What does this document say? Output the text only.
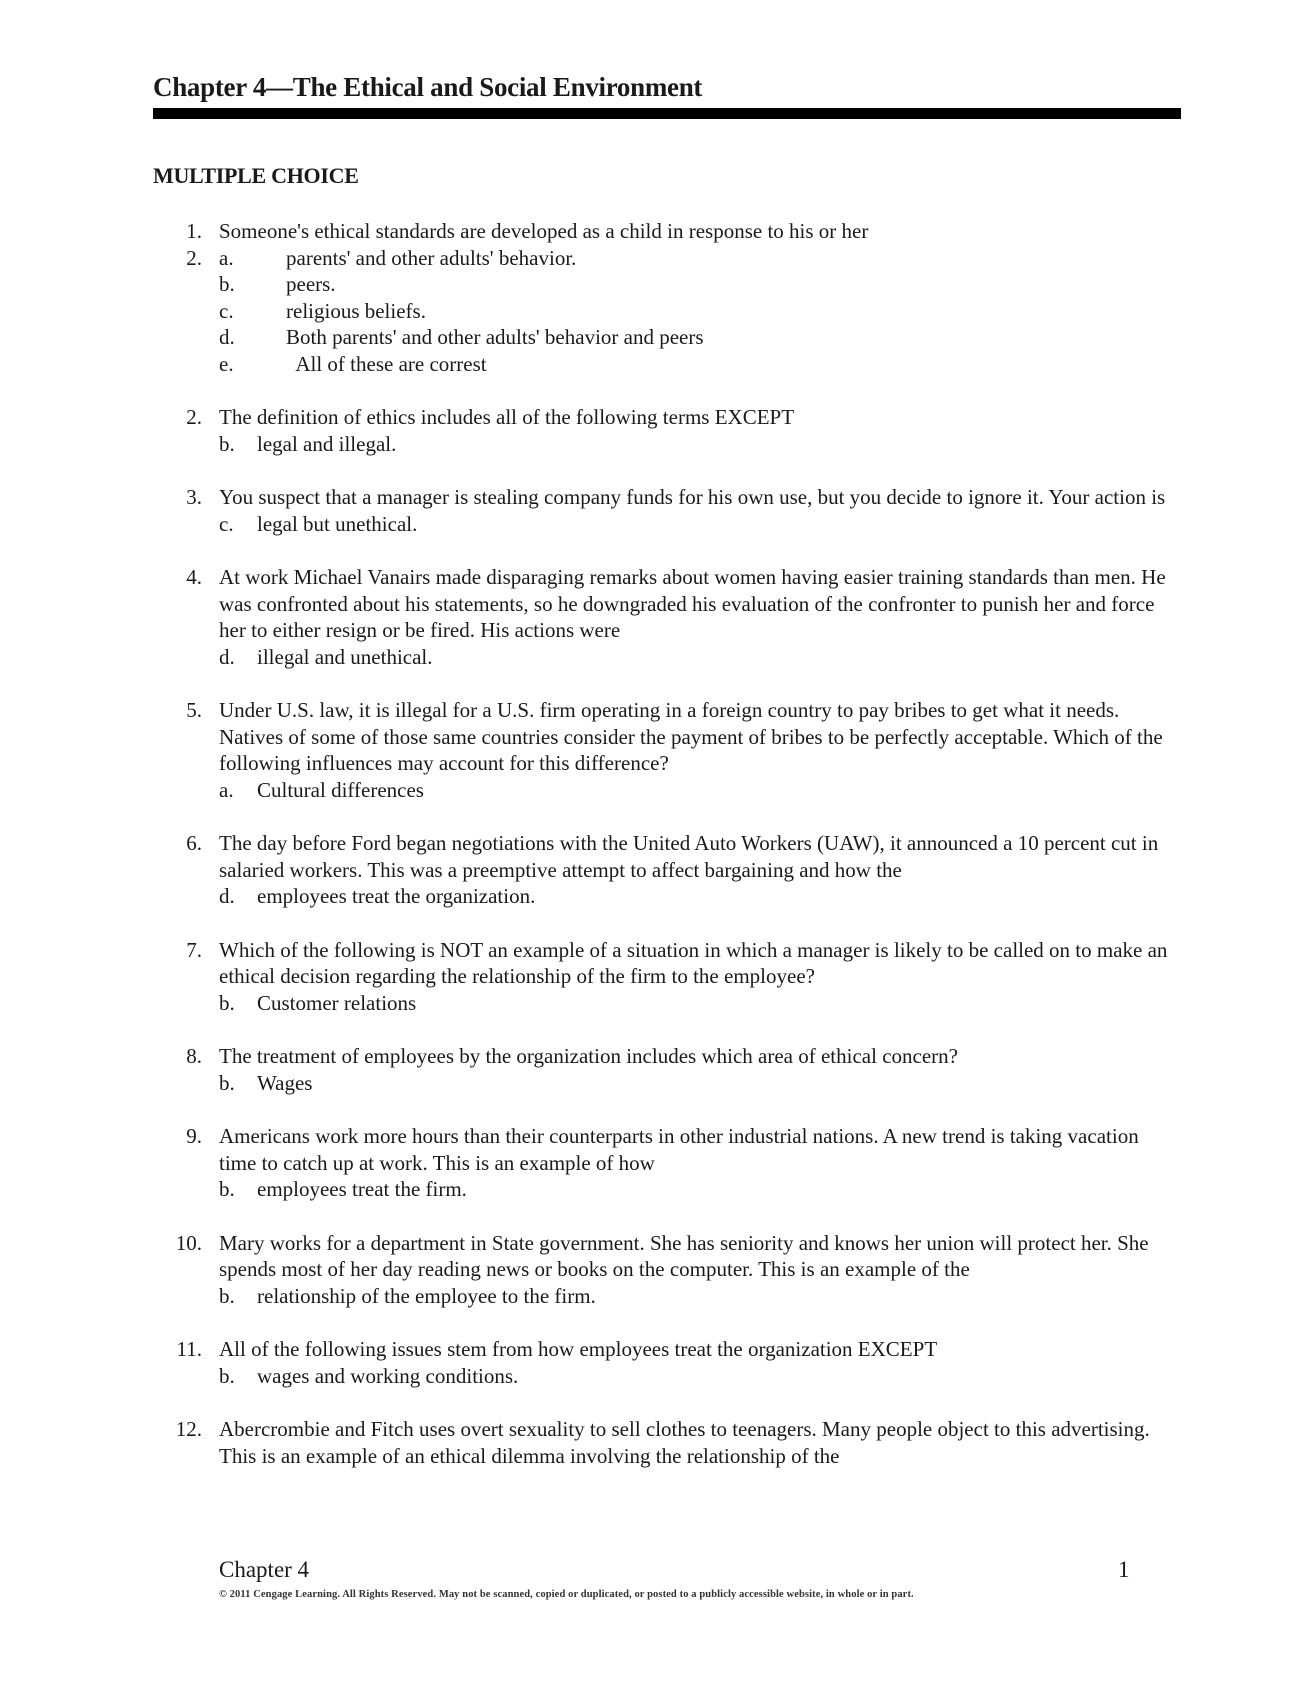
Chapter 4—The Ethical and Social Environment
MULTIPLE CHOICE
1. Someone's ethical standards are developed as a child in response to his or her
2. a. parents' and other adults' behavior.
b. peers.
c. religious beliefs.
d. Both parents' and other adults' behavior and peers
e. All of these are correst
2. The definition of ethics includes all of the following terms EXCEPT
b. legal and illegal.
3. You suspect that a manager is stealing company funds for his own use, but you decide to ignore it. Your action is
c. legal but unethical.
4. At work Michael Vanairs made disparaging remarks about women having easier training standards than men. He was confronted about his statements, so he downgraded his evaluation of the confronter to punish her and force her to either resign or be fired. His actions were
d. illegal and unethical.
5. Under U.S. law, it is illegal for a U.S. firm operating in a foreign country to pay bribes to get what it needs. Natives of some of those same countries consider the payment of bribes to be perfectly acceptable. Which of the following influences may account for this difference?
a. Cultural differences
6. The day before Ford began negotiations with the United Auto Workers (UAW), it announced a 10 percent cut in salaried workers. This was a preemptive attempt to affect bargaining and how the
d. employees treat the organization.
7. Which of the following is NOT an example of a situation in which a manager is likely to be called on to make an ethical decision regarding the relationship of the firm to the employee?
b. Customer relations
8. The treatment of employees by the organization includes which area of ethical concern?
b. Wages
9. Americans work more hours than their counterparts in other industrial nations. A new trend is taking vacation time to catch up at work. This is an example of how
b. employees treat the firm.
10. Mary works for a department in State government. She has seniority and knows her union will protect her. She spends most of her day reading news or books on the computer. This is an example of the
b. relationship of the employee to the firm.
11. All of the following issues stem from how employees treat the organization EXCEPT
b. wages and working conditions.
12. Abercrombie and Fitch uses overt sexuality to sell clothes to teenagers. Many people object to this advertising. This is an example of an ethical dilemma involving the relationship of the
Chapter 4	1
© 2011 Cengage Learning. All Rights Reserved. May not be scanned, copied or duplicated, or posted to a publicly accessible website, in whole or in part.
